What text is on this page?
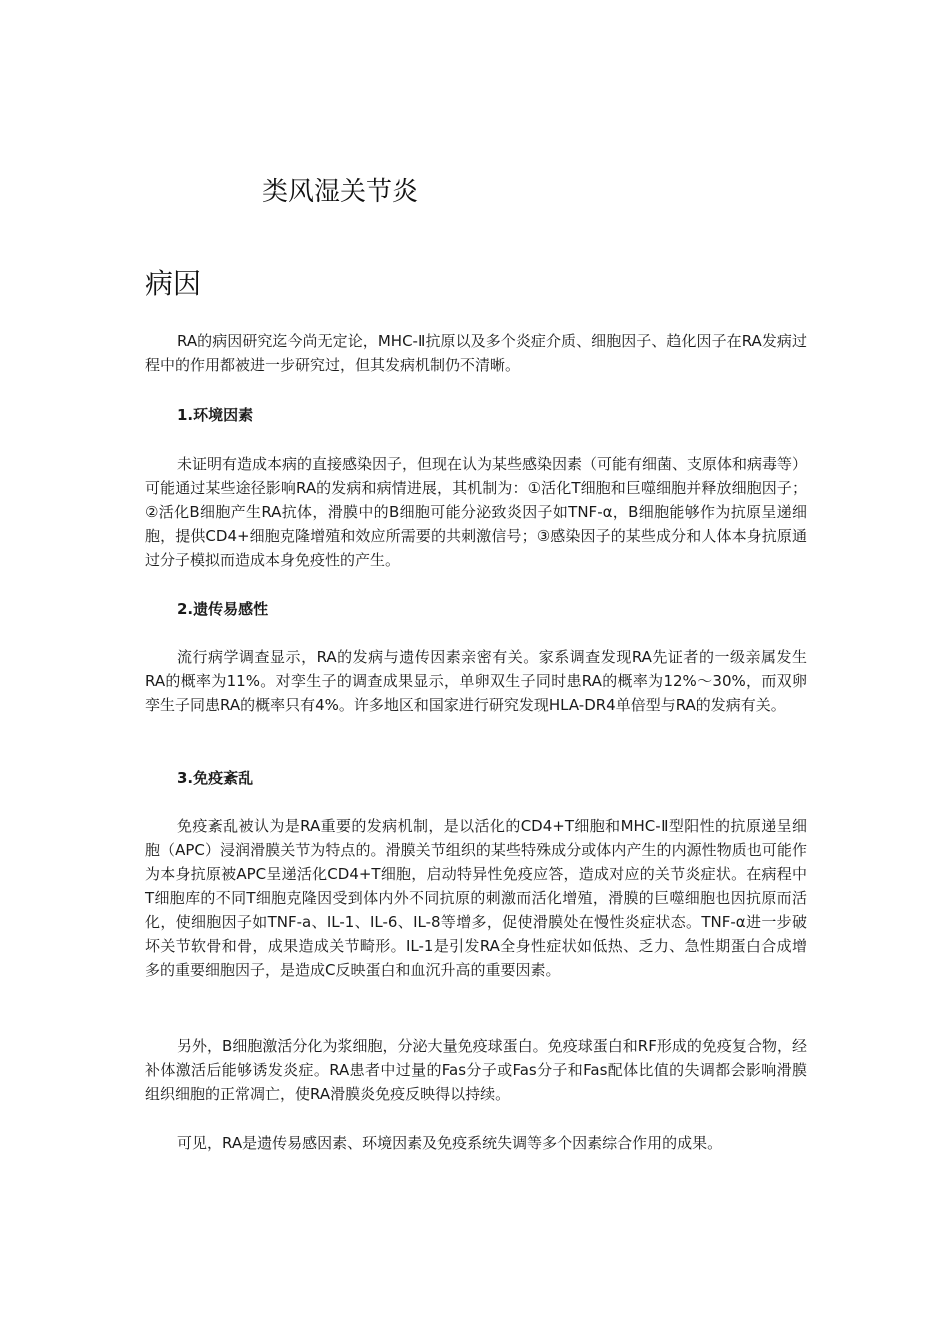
类风湿关节炎
病因

RA的病因研究迄今尚无定论，MHC-Ⅱ抗原以及多个炎症介质、细胞因子、趋化因子在RA发病过程中的作用都被进一步研究过，但其发病机制仍不清晰。

1.环境因素

未证明有造成本病的直接感染因子，但现在认为某些感染因素（可能有细菌、支原体和病毒等）可能通过某些途径影响RA的发病和病情进展，其机制为：①活化T细胞和巨噬细胞并释放细胞因子；②活化B细胞产生RA抗体，滑膜中的B细胞可能分泌致炎因子如TNF-α，B细胞能够作为抗原呈递细胞，提供CD4+细胞克隆增殖和效应所需要的共刺激信号；③感染因子的某些成分和人体本身抗原通过分子模拟而造成本身免疫性的产生。

2.遗传易感性

流行病学调查显示，RA的发病与遗传因素亲密有关。家系调查发现RA先证者的一级亲属发生RA的概率为11%。对孪生子的调查成果显示，单卵双生子同时患RA的概率为12%～30%，而双卵孪生子同患RA的概率只有4%。许多地区和国家进行研究发现HLA-DR4单倍型与RA的发病有关。

3.免疫紊乱

免疫紊乱被认为是RA重要的发病机制，是以活化的CD4+T细胞和MHC-Ⅱ型阳性的抗原递呈细胞（APC）浸润滑膜关节为特点的。滑膜关节组织的某些特殊成分或体内产生的内源性物质也可能作为本身抗原被APC呈递活化CD4+T细胞，启动特异性免疫应答，造成对应的关节炎症状。在病程中T细胞库的不同T细胞克隆因受到体内外不同抗原的刺激而活化增殖，滑膜的巨噬细胞也因抗原而活化，使细胞因子如TNF-a、IL-1、IL-6、IL-8等增多，促使滑膜处在慢性炎症状态。TNF-α进一步破坏关节软骨和骨，成果造成关节畸形。IL-1是引发RA全身性症状如低热、乏力、急性期蛋白合成增多的重要细胞因子，是造成C反映蛋白和血沉升高的重要因素。

另外，B细胞激活分化为浆细胞，分泌大量免疫球蛋白。免疫球蛋白和RF形成的免疫复合物，经补体激活后能够诱发炎症。RA患者中过量的Fas分子或Fas分子和Fas配体比值的失调都会影响滑膜组织细胞的正常凋亡，使RA滑膜炎免疫反映得以持续。

可见，RA是遗传易感因素、环境因素及免疫系统失调等多个因素综合作用的成果。
